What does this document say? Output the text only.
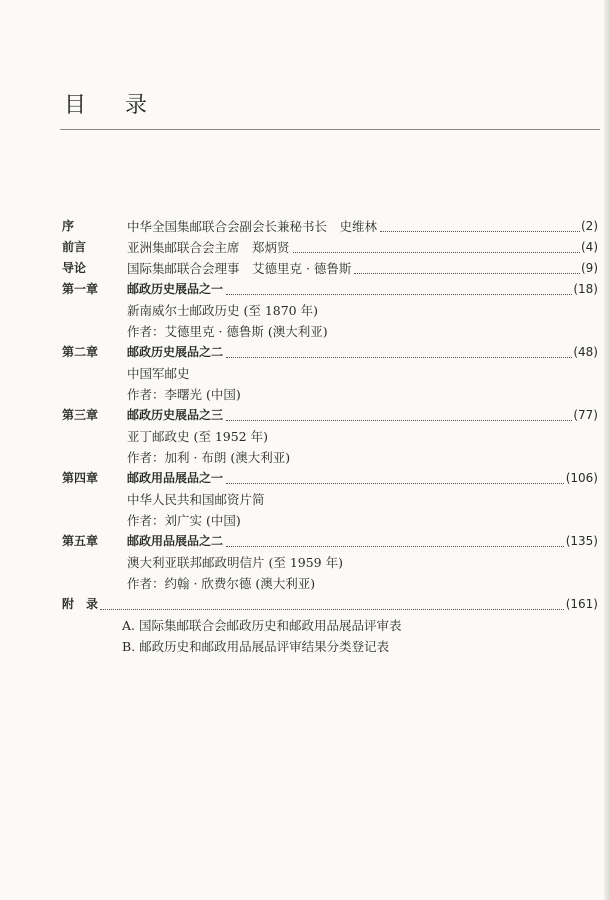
目 录
序	中华全国集邮联合会副会长兼秘书长　史维林	(2)
前言	亚洲集邮联合会主席　郑炳贤	(4)
导论	国际集邮联合会理事　艾德里克 · 德鲁斯	(9)
第一章 邮政历史展品之一	(18)
新南威尔士邮政历史 (至 1870 年)
作者：艾德里克 · 德鲁斯 (澳大利亚)
第二章 邮政历史展品之二	(48)
中国军邮史
作者：李曙光 (中国)
第三章 邮政历史展品之三	(77)
亚丁邮政史 (至 1952 年)
作者：加利 · 布朗 (澳大利亚)
第四章 邮政用品展品之一	(106)
中华人民共和国邮资片简
作者：刘广实 (中国)
第五章 邮政用品展品之二	(135)
澳大利亚联邦邮政明信片 (至 1959 年)
作者：约翰 · 欣费尔德 (澳大利亚)
附　录	(161)
A. 国际集邮联合会邮政历史和邮政用品展品评审表
B. 邮政历史和邮政用品展品评审结果分类登记表
